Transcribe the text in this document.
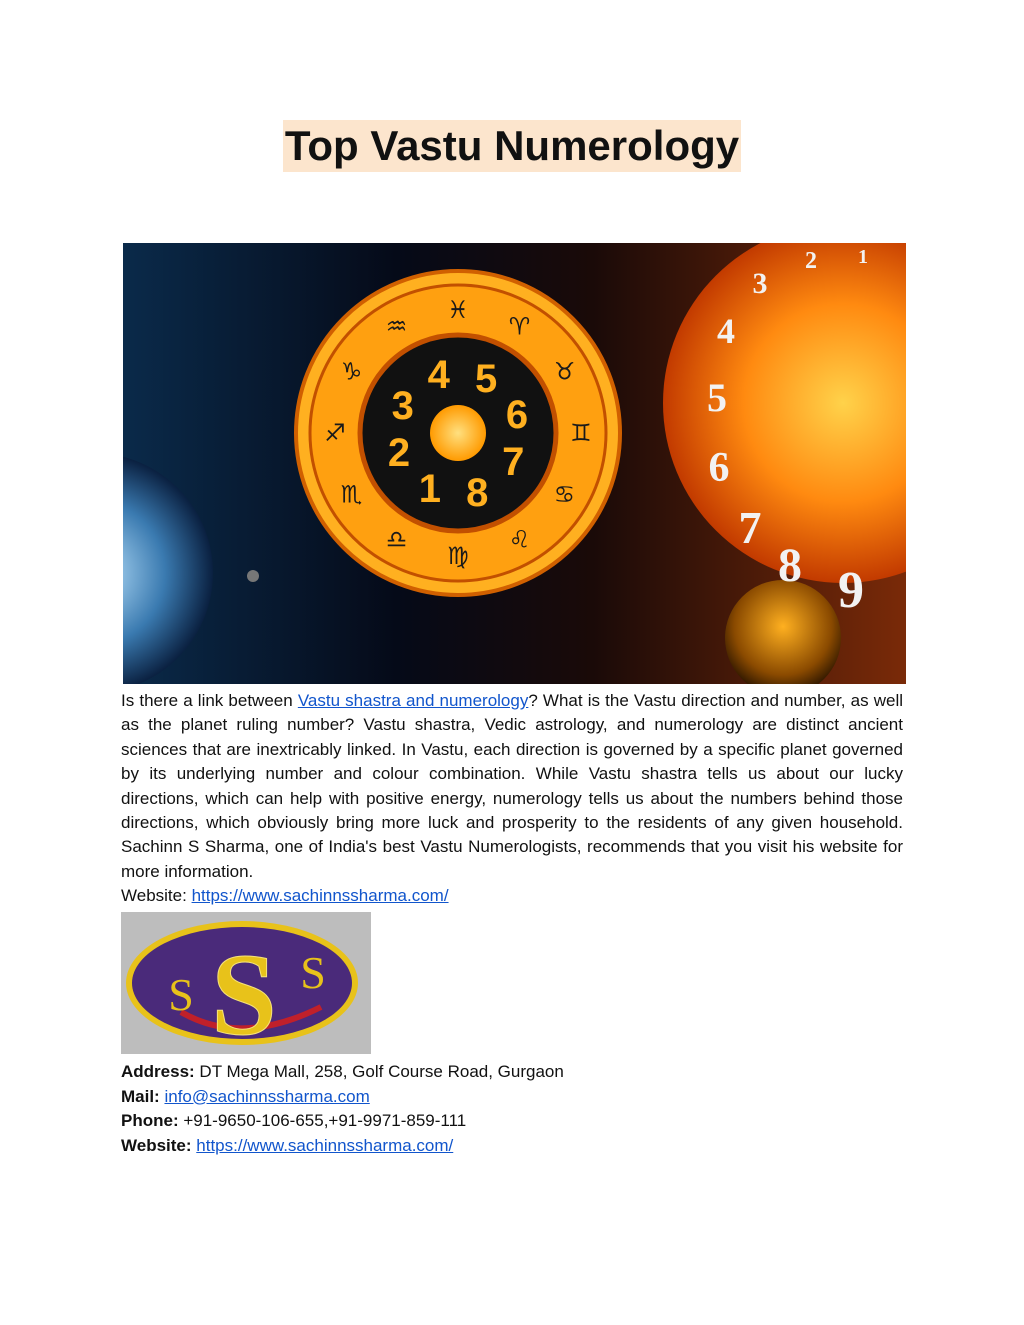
Top Vastu Numerology
♓
♈
♉
♊
♋
♌
♍
♎
♏
♐
♑
♒
3
4 5
6
7
8
1
2
1
2
3
4
5
6
7
8 9
Is there a link between Vastu shastra and numerology? What is the Vastu direction and number, as well as the planet ruling number? Vastu shastra, Vedic astrology, and numerology are distinct ancient sciences that are inextricably linked. In Vastu, each direction is governed by a specific planet governed by its underlying number and colour combination. While Vastu shastra tells us about our lucky directions, which can help with positive energy, numerology tells us about the numbers behind those directions, which obviously bring more luck and prosperity to the residents of any given household. Sachinn S Sharma, one of India's best Vastu Numerologists, recommends that you visit his website for more information.
Website: https://www.sachinnssharma.com/
S S S
Address: DT Mega Mall, 258, Golf Course Road, Gurgaon
Mail: info@sachinnssharma.com
Phone: +91-9650-106-655,+91-9971-859-111
Website: https://www.sachinnssharma.com/
